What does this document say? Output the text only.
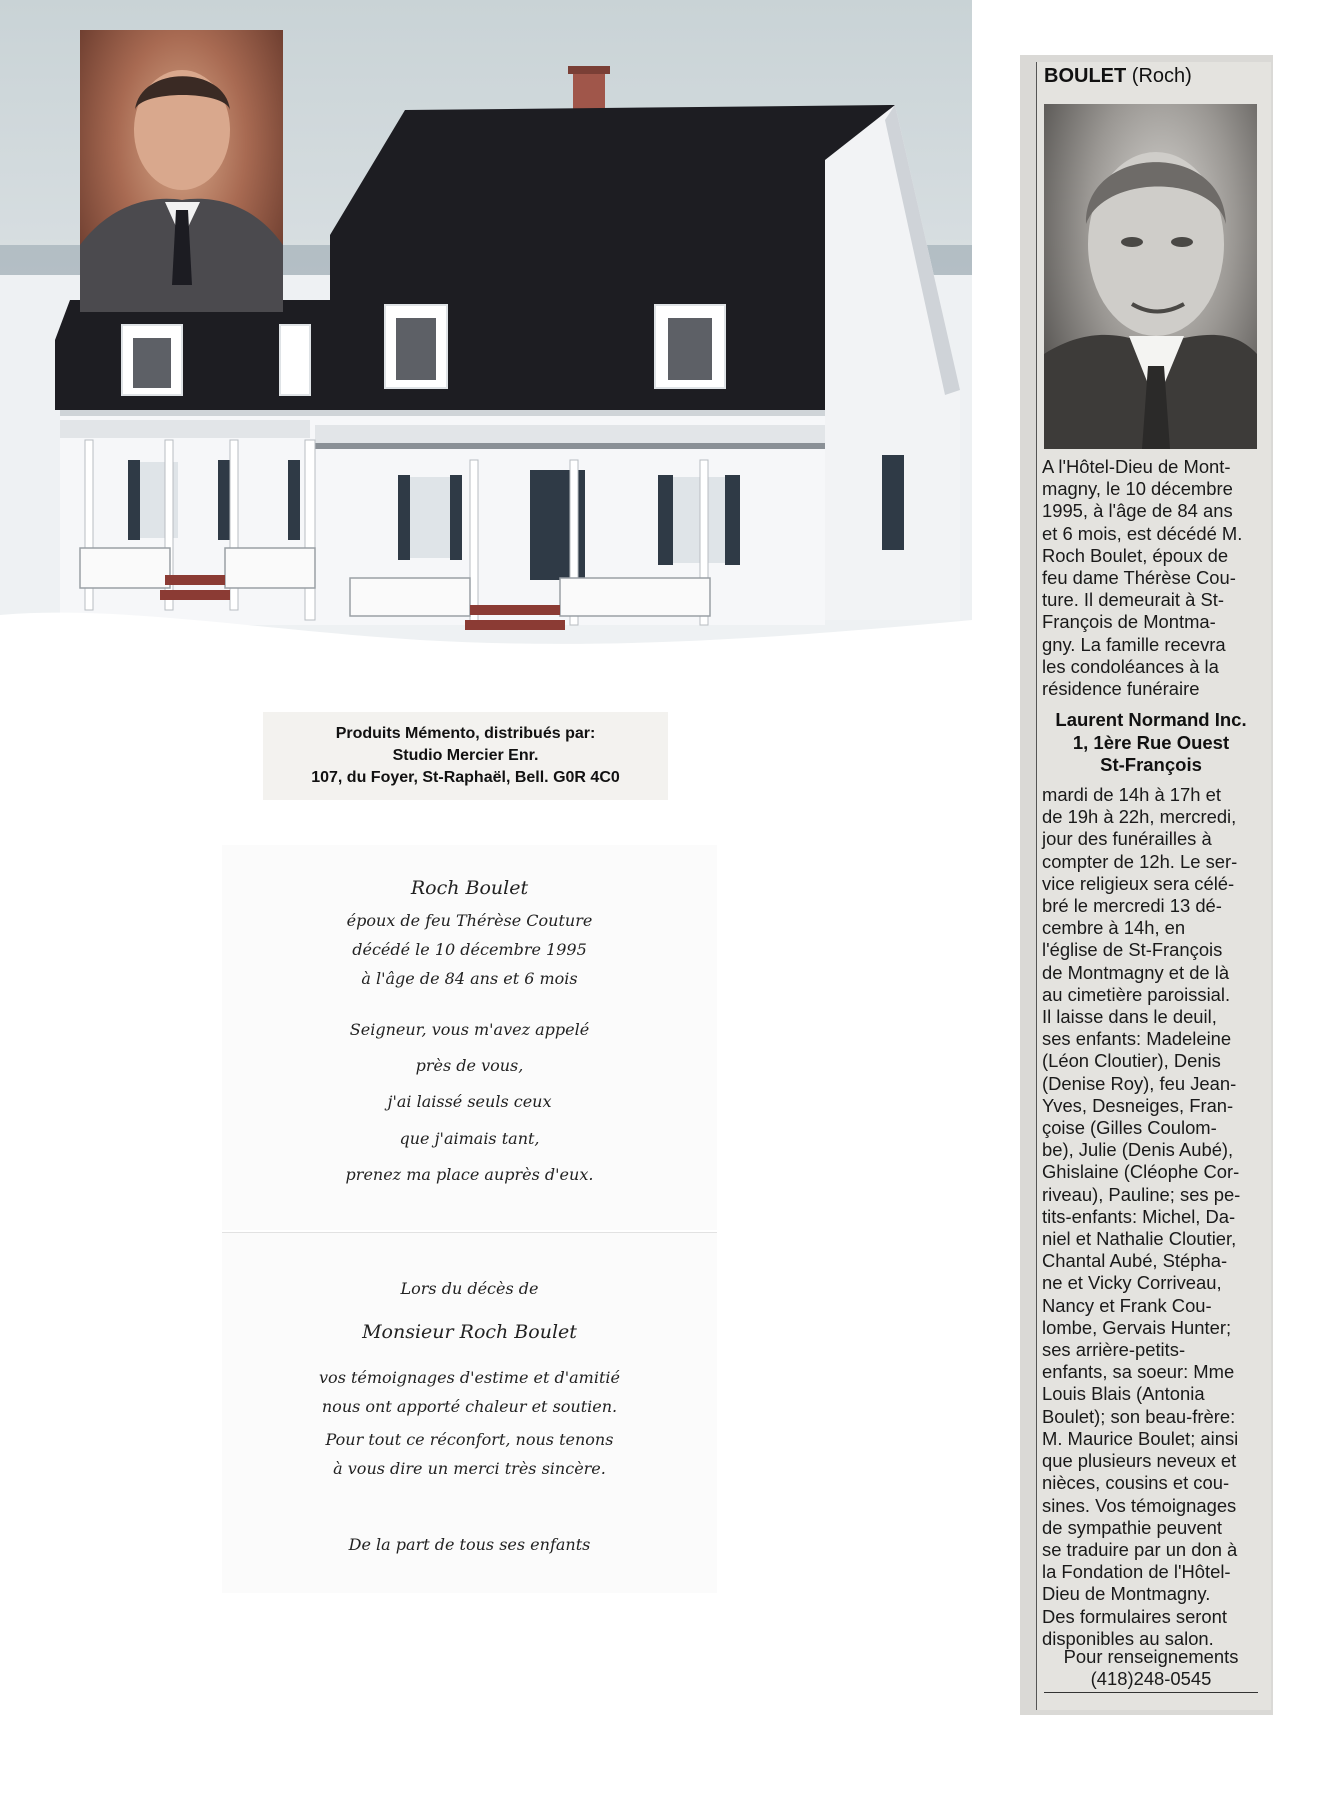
Produits Mémento, distribués par:
Studio Mercier Enr.
107, du Foyer, St-Raphaël, Bell. G0R 4C0
Roch Boulet
époux de feu Thérèse Couture
décédé le 10 décembre 1995
à l'âge de 84 ans et 6 mois
Seigneur, vous m'avez appelé
près de vous,
j'ai laissé seuls ceux
que j'aimais tant,
prenez ma place auprès d'eux.
Lors du décès de
Monsieur Roch Boulet
vos témoignages d'estime et d'amitié
nous ont apporté chaleur et soutien.
Pour tout ce réconfort, nous tenons
à vous dire un merci très sincère.
De la part de tous ses enfants
BOULET (Roch)
A l'Hôtel-Dieu de Mont-
magny, le 10 décembre
1995, à l'âge de 84 ans
et 6 mois, est décédé M.
Roch Boulet, époux de
feu dame Thérèse Cou-
ture. Il demeurait à St-
François de Montma-
gny. La famille recevra
les condoléances à la
résidence funéraire
Laurent Normand Inc.
1, 1ère Rue Ouest
St-François
mardi de 14h à 17h et
de 19h à 22h, mercredi,
jour des funérailles à
compter de 12h. Le ser-
vice religieux sera célé-
bré le mercredi 13 dé-
cembre à 14h, en
l'église de St-François
de Montmagny et de là
au cimetière paroissial.
Il laisse dans le deuil,
ses enfants: Madeleine
(Léon Cloutier), Denis
(Denise Roy), feu Jean-
Yves, Desneiges, Fran-
çoise (Gilles Coulom-
be), Julie (Denis Aubé),
Ghislaine (Cléophe Cor-
riveau), Pauline; ses pe-
tits-enfants: Michel, Da-
niel et Nathalie Cloutier,
Chantal Aubé, Stépha-
ne et Vicky Corriveau,
Nancy et Frank Cou-
lombe, Gervais Hunter;
ses arrière-petits-
enfants, sa soeur: Mme
Louis Blais (Antonia
Boulet); son beau-frère:
M. Maurice Boulet; ainsi
que plusieurs neveux et
nièces, cousins et cou-
sines. Vos témoignages
de sympathie peuvent
se traduire par un don à
la Fondation de l'Hôtel-
Dieu de Montmagny.
Des formulaires seront
disponibles au salon.
Pour renseignements
(418)248-0545
